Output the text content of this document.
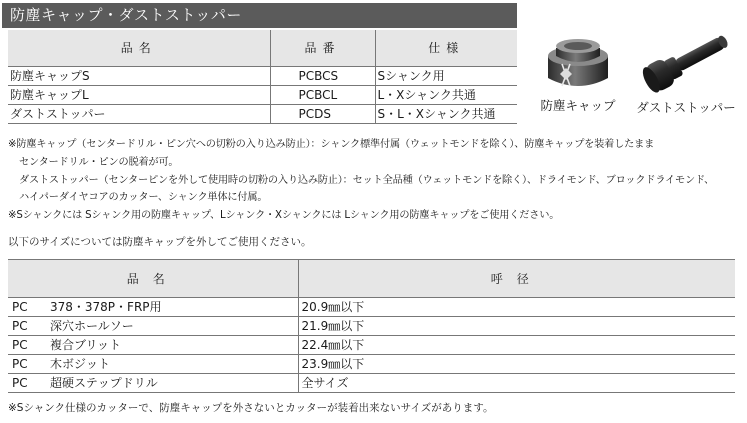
防塵キャップ・ダストストッパー
品名	品番	仕様
防塵キャップS	PCBCS	Sシャンク用
防塵キャップL	PCBCL	L・Xシャンク共通
ダストストッパー	PCDS	S・L・Xシャンク共通
防塵キャップ	ダストストッパー
※防塵キャップ（センタードリル・ピン穴への切粉の入り込み防止）：シャンク標準付属（ウェットモンドを除く）、防塵キャップを装着したまま
センタードリル・ピンの脱着が可。
ダストストッパー（センターピンを外して使用時の切粉の入り込み防止）：セット全品種（ウェットモンドを除く）、ドライモンド、ブロックドライモンド、
ハイパーダイヤコアのカッター、シャンク単体に付属。
※Sシャンクには Sシャンク用の防塵キャップ、Lシャンク・Xシャンクには Lシャンク用の防塵キャップをご使用ください。
以下のサイズについては防塵キャップを外してご使用ください。
品名	呼径
PC 378・378P・FRP用	20.9㎜以下
PC 深穴ホールソー	21.9㎜以下
PC 複合ブリット	22.4㎜以下
PC 木ボジット	23.9㎜以下
PC 超硬ステップドリル	全サイズ
※Sシャンク仕様のカッターで、防塵キャップを外さないとカッターが装着出来ないサイズがあります。
